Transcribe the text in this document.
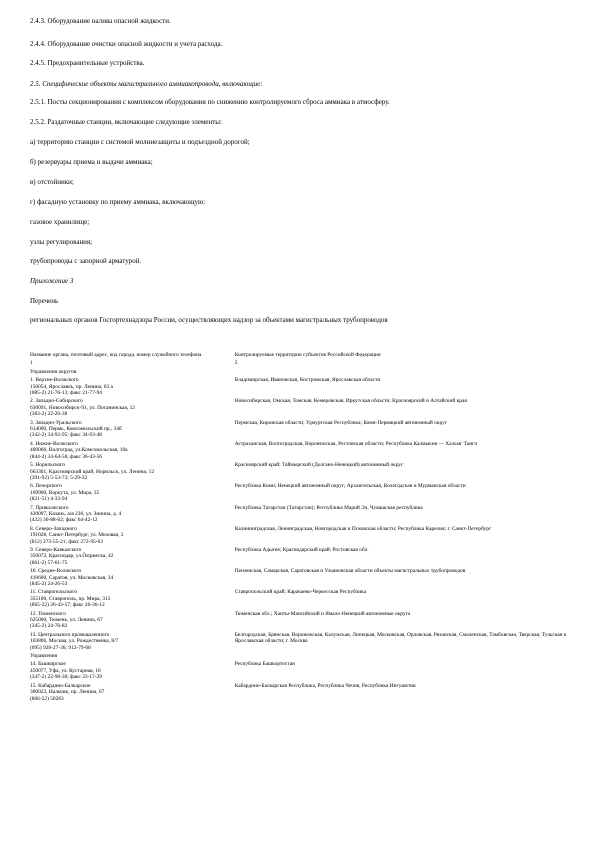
2.4.3. Оборудование налива опасной жидкости.
2.4.4. Оборудование очистки опасной жидкости и учета расхода.
2.4.5. Предохранительные устройства.
2.5. Специфические объекты магистрального аммиакопровода, включающие:
2.5.1. Посты секционирования с комплексом оборудования по снижению контролируемого сброса аммиака в атмосферу.
2.5.2. Раздаточные станции, включающие следующие элементы:
а) территорию станции с системой молниезащиты и подъездной дорогой;
б) резервуары приема и выдачи аммиака;
в) отстойники;
г) фасадную установку по приему аммиака, включающую:
газовое хранилище;
узлы регулирования;
трубопроводы с запорной арматурой.
Приложение 3
Перечень
региональных органов Госгортехнадзора России, осуществляющих надзор за объектами магистральных трубопроводов
Название органа, почтовый адрес, код города, номер служебного телефона	Контролируемые территории субъектов Российской Федерации
1	2

Управления округов	

1. Верхне-Волжского
150054, Ярославль, пр. Ленина, 63 а
(085-2) 21-76-13; факс 21-77-94	Владимирская, Ивановская, Костромская, Ярославская области

2. Западно-Сибирского
630091, Новосибирск-91, ул. Потанинская, 12
(383-2) 22-26-38	Новосибирская, Омская, Томская, Кемеровская, Иркутская области; Красноярский и Алтайский края

3. Западно-Уральского
614000, Пермь, Комсомольский пр., 34б
(342-2) 34-92-95; факс 34-93-48	Пермская, Кировская области; Удмуртская Республика; Коми-Пермяцкий автономный округ

4. Нижне-Волжского
400066, Волгоград, ул.Комсомольская, 10а
(844-2) 34-64-56; факс 36-43-56	Астраханская, Волгоградская, Воронежская, Ростовская области; Республика Калмыкия — Хальмг Тангч

5. Норильского
663301, Красноярский край, Норильск, ул. Ленина, 12
(391-92) 5-53-73; 5-29-32	Красноярский край; Таймырский (Долгано-Ненецкий) автономный округ

6. Печорского
169900, Воркута, ул. Мира, 35
(821-51) 4-33-94	Республика Коми; Ненецкий автономный округ; Архангельская, Вологодская и Мурманская области

7. Приволжского
420097, Казань, а/я 236, ул. Зинина, д. 4
(432) 36-88-82; факс 64-42-12	Республика Татарстан (Татарстан); Республика Марий Эл, Чувашская республика

8. Северо-Западного
191028, Санкт-Петербург, ул. Моховая, 3
(812) 273-55-21; факс 272-95-03	Калининградская, Ленинградская, Новгородская и Псковская области; Республика Карелия; г. Санкт-Петербург

9. Северо-Кавказского
350072, Краснодар, ул.Östрнеска, 42
(861-2) 57-61-75	Республика Адыгея; Краснодарский край; Ростовская обл.

10. Средне-Волжского
410600, Саратов, ул. Московская, 34
(845-2) 24-26-53	Пензенская, Самарская, Саратовская и Ульяновская области объекты магистральных трубопроводов

11. Ставропольского
355106, Ставрополь, пр. Мира, 313
(865-22) 26-43-57; факс 26-36-12	Ставропольский край; Карачаево-Черкесская Республика

12. Тюменского
625000, Тюмень, ул. Ленина, 67
(345-2) 24-76-82	Тюменская обл.; Ханты-Мансийский и Ямало-Ненецкий автономные округа

13. Центрального промышленного
103806, Москва, ул. Рождественка, 8/7
(095) 928-27-36; 912-79-68	Белгородская, Брянская, Воронежская, Калужская, Липецкая, Московская, Орловская, Рязанская, Смоленская, Тамбовская, Тверская, Тульская и Ярославская области; г. Москва

Управления	

14. Башкирское
450077, Уфа, ул. Кустарная, 16
(347-2) 22-98-30; факс 23-17-29	Республика Башкортостан

15. Кабардино-Балкарское
360022, Нальчик, пр. Ленина, 67
(866-22) 50283	Кабардино-Балкарская Республика, Республика Чечня, Республика Ингушетия
